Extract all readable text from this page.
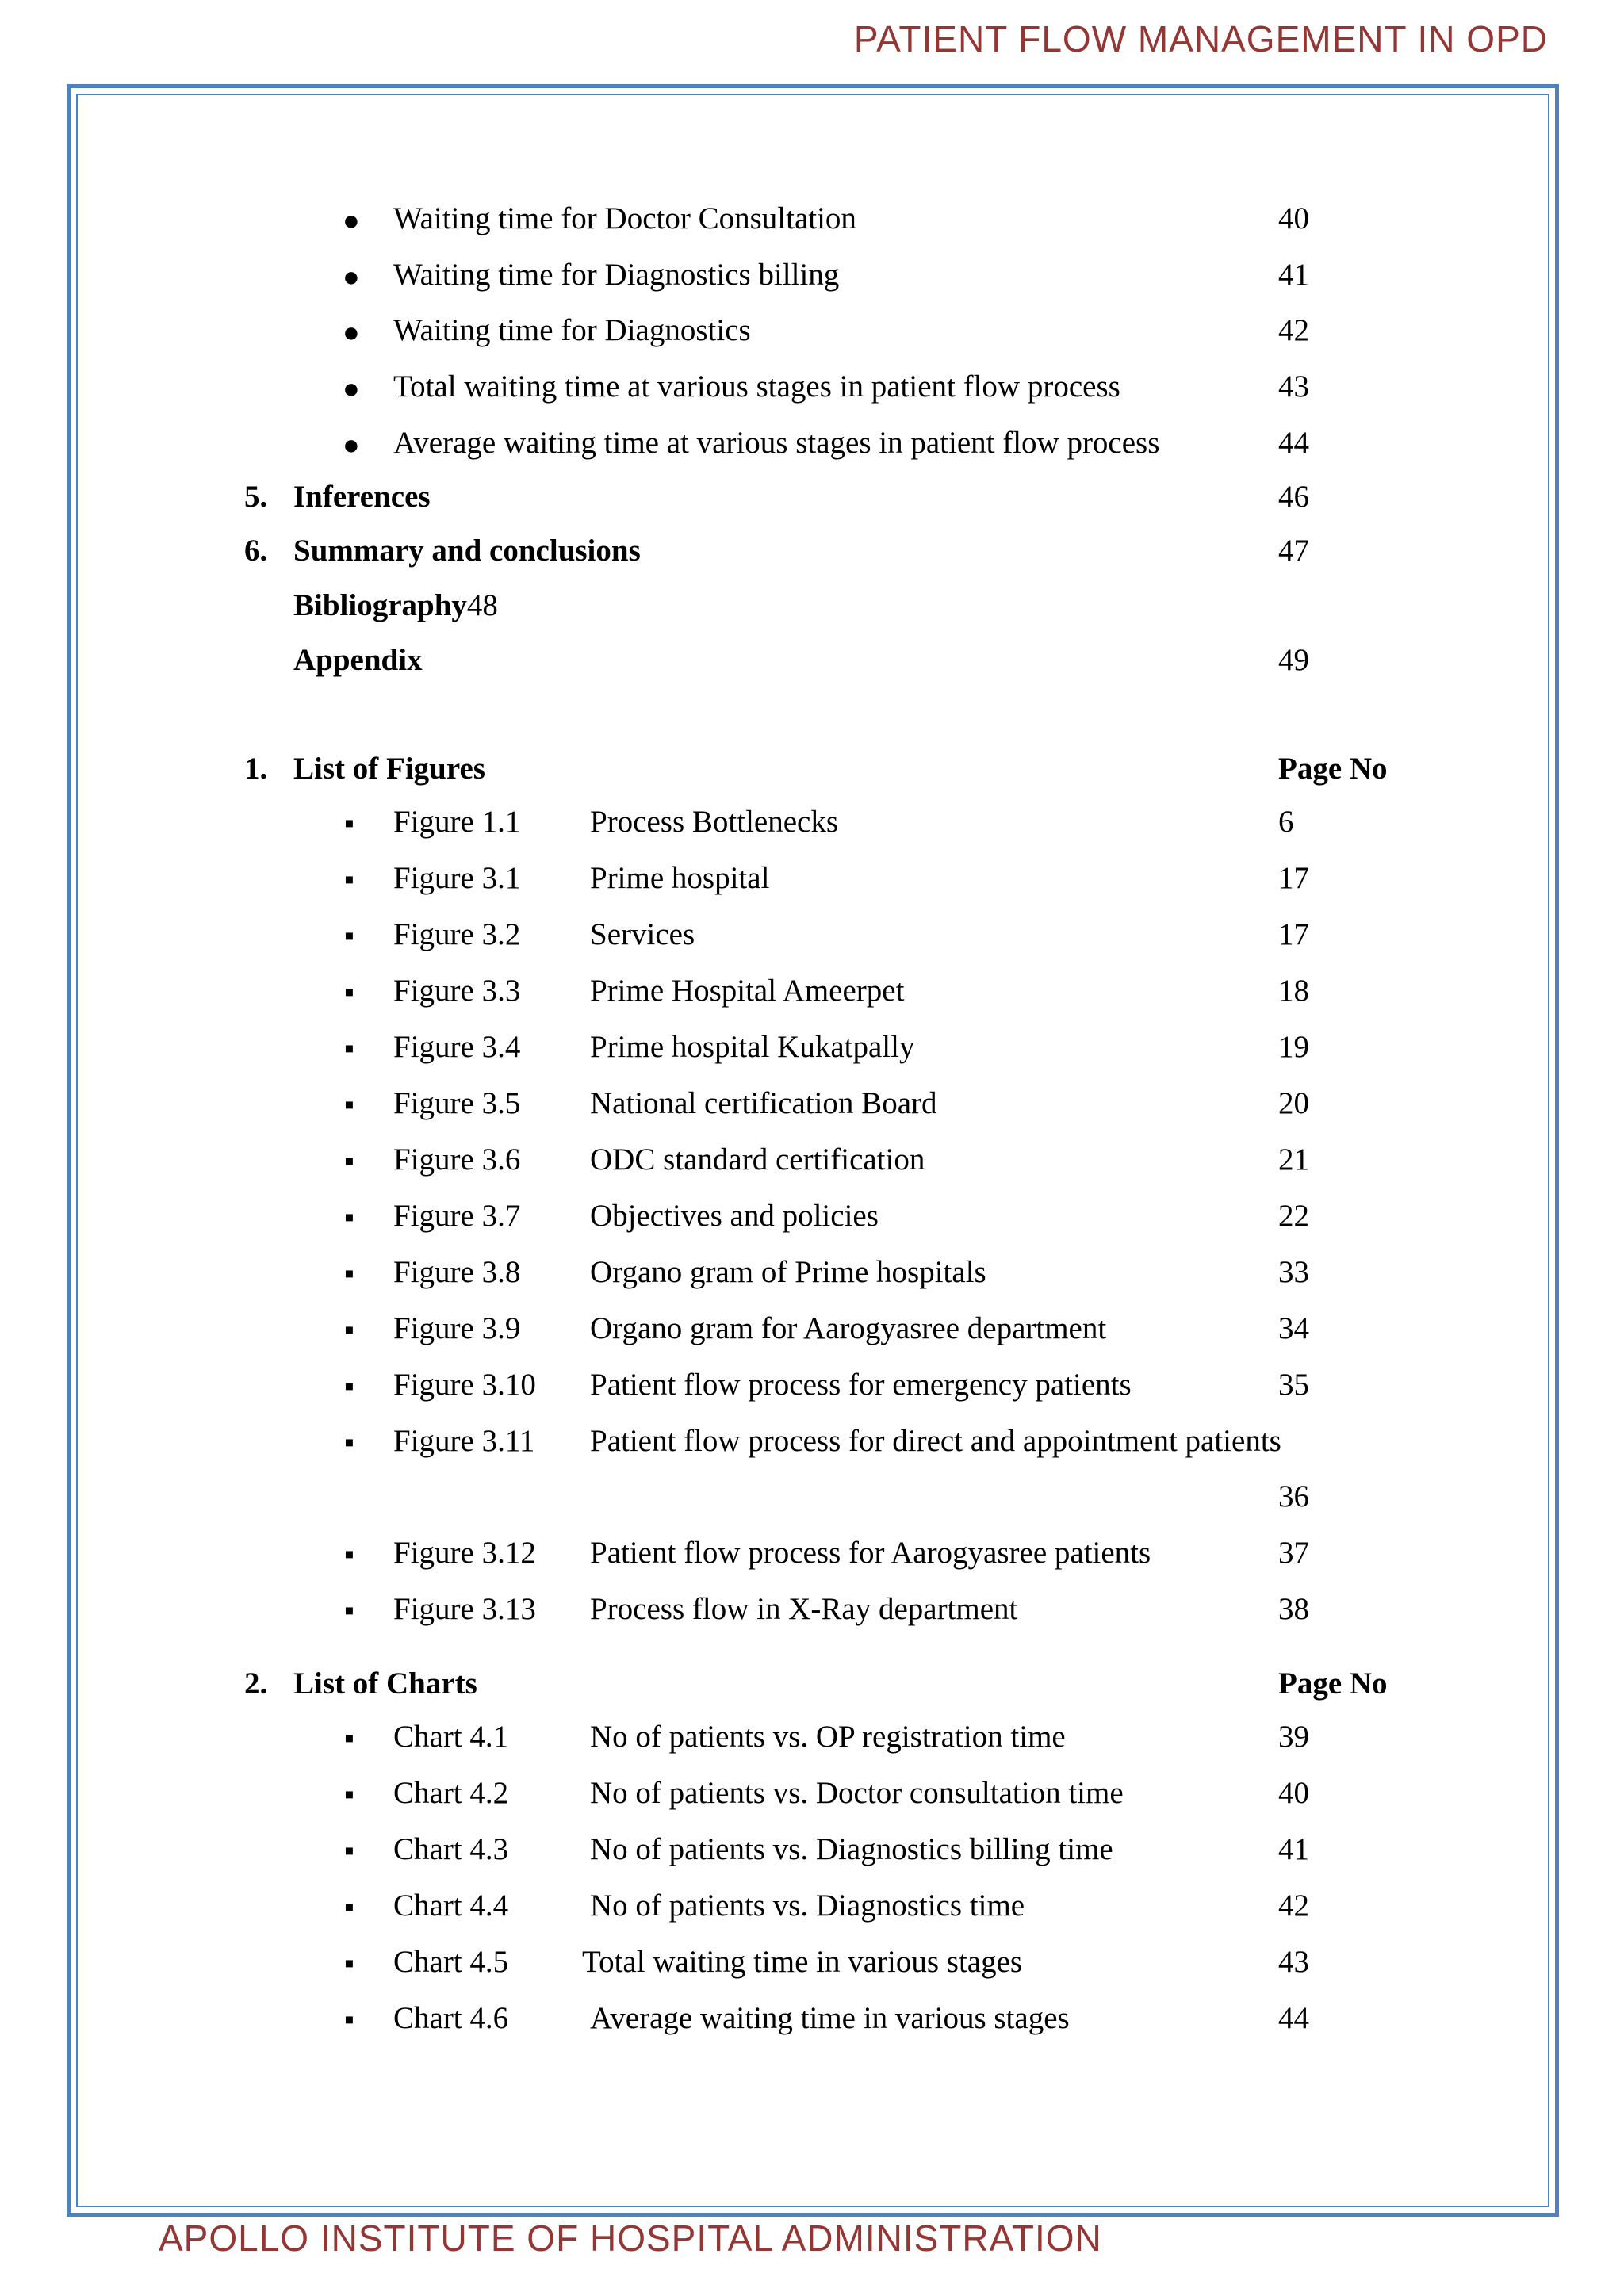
PATIENT FLOW MANAGEMENT IN OPD
● Waiting time for Doctor Consultation	40
● Waiting time for Diagnostics billing	41
● Waiting time for Diagnostics	42
● Total waiting time at various stages in patient flow process	43
● Average waiting time at various stages in patient flow process	44
5. Inferences	46
6. Summary and conclusions	47
Bibliography48
Appendix	49
1. List of Figures	Page No
▪ Figure 1.1 Process Bottlenecks	6
▪ Figure 3.1 Prime hospital	17
▪ Figure 3.2 Services	17
▪ Figure 3.3 Prime Hospital Ameerpet	18
▪ Figure 3.4 Prime hospital Kukatpally	19
▪ Figure 3.5 National certification Board	20
▪ Figure 3.6 ODC standard certification	21
▪ Figure 3.7 Objectives and policies	22
▪ Figure 3.8 Organo gram of Prime hospitals	33
▪ Figure 3.9 Organo gram for Aarogyasree department	34
▪ Figure 3.10 Patient flow process for emergency patients	35
▪ Figure 3.11 Patient flow process for direct and appointment patients
36
▪ Figure 3.12 Patient flow process for Aarogyasree patients	37
▪ Figure 3.13 Process flow in X-Ray department	38
2. List of Charts	Page No
▪ Chart 4.1	No of patients vs. OP registration time	39
▪ Chart 4.2	No of patients vs. Doctor consultation time	40
▪ Chart 4.3	No of patients vs. Diagnostics billing time	41
▪ Chart 4.4	No of patients vs. Diagnostics time	42
▪ Chart 4.5 Total waiting time in various stages	43
▪ Chart 4.6	Average waiting time in various stages	44
APOLLO INSTITUTE OF HOSPITAL ADMINISTRATION
